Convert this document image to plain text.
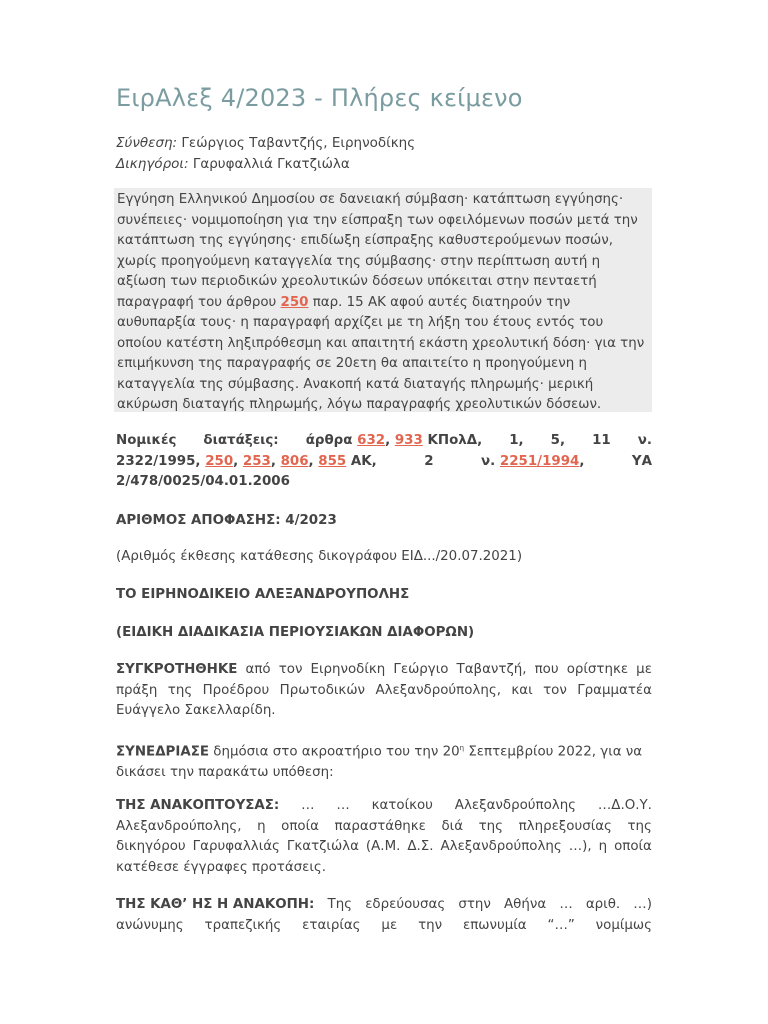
ΕιρΑλεξ 4/2023 - Πλήρες κείμενο
Σύνθεση: Γεώργιος Ταβαντζής, Ειρηνοδίκης
Δικηγόροι: Γαρυφαλλιά Γκατζιώλα

Εγγύηση Ελληνικού Δημοσίου σε δανειακή σύμβαση· κατάπτωση εγγύησης·

συνέπειες· νομιμοποίηση για την είσπραξη των οφειλόμενων ποσών μετά την

κατάπτωση της εγγύησης· επιδίωξη είσπραξης καθυστερούμενων ποσών,

χωρίς προηγούμενη καταγγελία της σύμβασης· στην περίπτωση αυτή η

αξίωση των περιοδικών χρεολυτικών δόσεων υπόκειται στην πενταετή

παραγραφή του άρθρου 250 παρ. 15 ΑΚ αφού αυτές διατηρούν την

αυθυπαρξία τους· η παραγραφή αρχίζει με τη λήξη του έτους εντός του

οποίου κατέστη ληξιπρόθεσμη και απαιτητή εκάστη χρεολυτική δόση· για την

επιμήκυνση της παραγραφής σε 20ετη θα απαιτείτο η προηγούμενη η

καταγγελία της σύμβασης. Ανακοπή κατά διαταγής πληρωμής· μερική

ακύρωση διαταγής πληρωμής, λόγω παραγραφής χρεολυτικών δόσεων.

Νομικές διατάξεις: άρθρα 632, 933 ΚΠολΔ, 1, 5, 11 ν.
2322/1995, 250, 253, 806, 855 ΑΚ,	2	ν. 2251/1994,	ΥΑ

2/478/0025/04.01.2006

ΑΡΙΘΜΟΣ ΑΠΟΦΑΣΗΣ: 4/2023

(Αριθμός έκθεσης κατάθεσης δικογράφου ΕΙΔ.../20.07.2021)

ΤΟ ΕΙΡΗΝΟΔΙΚΕΙΟ ΑΛΕΞΑΝΔΡΟΥΠΟΛΗΣ

(ΕΙΔΙΚΗ ΔΙΑΔΙΚΑΣΙΑ ΠΕΡΙΟΥΣΙΑΚΩΝ ΔΙΑΦΟΡΩΝ)

ΣΥΓΚΡΟΤΗΘΗΚΕ από τον Ειρηνοδίκη Γεώργιο Ταβαντζή, που ορίστηκε με
πράξη της Προέδρου Πρωτοδικών Αλεξανδρούπολης, και τον Γραμματέα

Ευάγγελο Σακελλαρίδη.

ΣΥΝΕΔΡΙΑΣΕ δημόσια στο ακροατήριο του την $20^\eta$ Σεπτεμβρίου 2022, για να

δικάσει την παρακάτω υπόθεση:

ΤΗΣ ΑΝΑΚΟΠΤΟΥΣΑΣ: … … κατοίκου Αλεξανδρούπολης …Δ.Ο.Υ.
Αλεξανδρούπολης, η οποία παραστάθηκε διά της πληρεξουσίας της
δικηγόρου Γαρυφαλλιάς Γκατζιώλα (Α.Μ. Δ.Σ. Αλεξανδρούπολης …), η οποία

κατέθεσε έγγραφες προτάσεις.

ΤΗΣ ΚΑΘ’ ΗΣ Η ΑΝΑΚΟΠΗ: Της εδρεύουσας στην Αθήνα … αριθ. …)
ανώνυμης τραπεζικής εταιρίας με την επωνυμία “…” νομίμως
